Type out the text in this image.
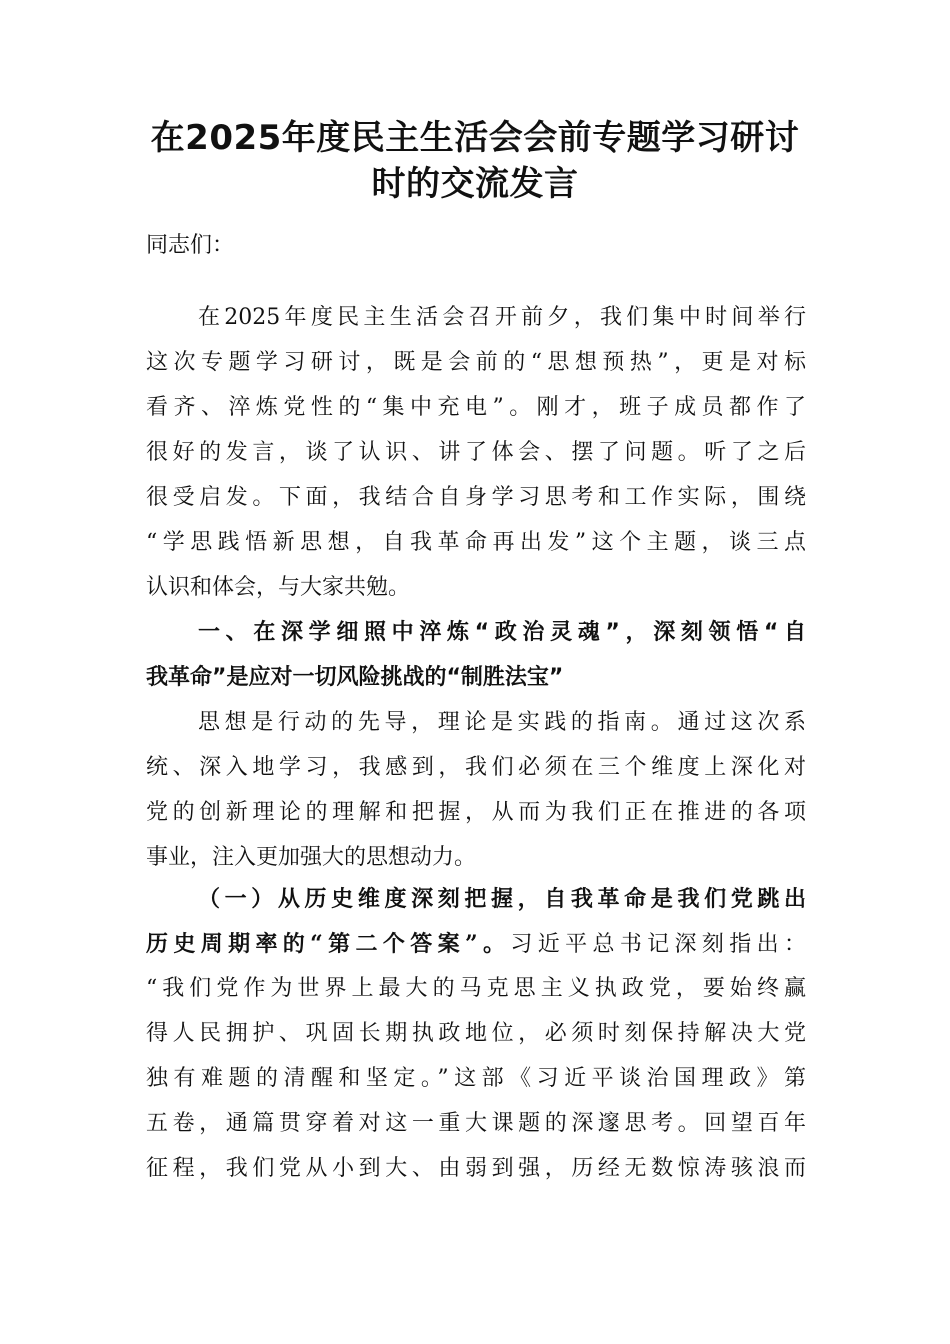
在2025年度民主生活会会前专题学习研讨
时的交流发言
同志们：
在2025年度民主生活会召开前夕，我们集中时间举行
这次专题学习研讨，既是会前的“思想预热”，更是对标
看齐、淬炼党性的“集中充电”。刚才，班子成员都作了
很好的发言，谈了认识、讲了体会、摆了问题。听了之后
很受启发。下面，我结合自身学习思考和工作实际，围绕
“学思践悟新思想，自我革命再出发”这个主题，谈三点
认识和体会，与大家共勉。
一、在深学细照中淬炼“政治灵魂”，深刻领悟“自
我革命”是应对一切风险挑战的“制胜法宝”
思想是行动的先导，理论是实践的指南。通过这次系
统、深入地学习，我感到，我们必须在三个维度上深化对
党的创新理论的理解和把握，从而为我们正在推进的各项
事业，注入更加强大的思想动力。
（一）从历史维度深刻把握，自我革命是我们党跳出
历史周期率的“第二个答案”。习近平总书记深刻指出：
“我们党作为世界上最大的马克思主义执政党，要始终赢
得人民拥护、巩固长期执政地位，必须时刻保持解决大党
独有难题的清醒和坚定。”这部《习近平谈治国理政》第
五卷，通篇贯穿着对这一重大课题的深邃思考。回望百年
征程，我们党从小到大、由弱到强，历经无数惊涛骇浪而
